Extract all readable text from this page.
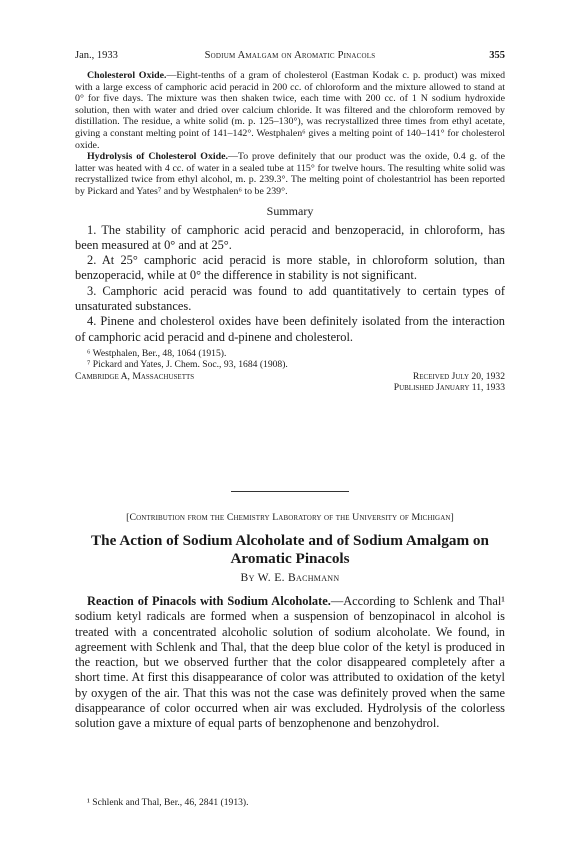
Jan., 1933	Sodium Amalgam on Aromatic Pinacols	355

Cholesterol Oxide.—Eight-tenths of a gram of cholesterol (Eastman Kodak c. p. product) was mixed with a large excess of camphoric acid peracid in 200 cc. of chloroform and the mixture allowed to stand at 0° for five days. The mixture was then shaken twice, each time with 200 cc. of 1 N sodium hydroxide solution, then with water and dried over calcium chloride. It was filtered and the chloroform removed by distillation. The residue, a white solid (m. p. 125–130°), was recrystallized three times from ethyl acetate, giving a constant melting point of 141–142°. Westphalen⁶ gives a melting point of 140–141° for cholesterol oxide.

Hydrolysis of Cholesterol Oxide.—To prove definitely that our product was the oxide, 0.4 g. of the latter was heated with 4 cc. of water in a sealed tube at 115° for twelve hours. The resulting white solid was recrystallized twice from ethyl alcohol, m. p. 239.3°. The melting point of cholestantriol has been reported by Pickard and Yates⁷ and by Westphalen⁶ to be 239°.

Summary

1. The stability of camphoric acid peracid and benzoperacid, in chloroform, has been measured at 0° and at 25°.

2. At 25° camphoric acid peracid is more stable, in chloroform solution, than benzoperacid, while at 0° the difference in stability is not significant.

3. Camphoric acid peracid was found to add quantitatively to certain types of unsaturated substances.

4. Pinene and cholesterol oxides have been definitely isolated from the interaction of camphoric acid peracid and d-pinene and cholesterol.

⁶ Westphalen, Ber., 48, 1064 (1915).

⁷ Pickard and Yates, J. Chem. Soc., 93, 1684 (1908).

Cambridge A, Massachusetts	Received July 20, 1932
Published January 11, 1933
[Contribution from the Chemistry Laboratory of the University of Michigan]
The Action of Sodium Alcoholate and of Sodium Amalgam on
Aromatic Pinacols
By W. E. Bachmann

Reaction of Pinacols with Sodium Alcoholate.—According to Schlenk and Thal¹ sodium ketyl radicals are formed when a suspension of benzopinacol in alcohol is treated with a concentrated alcoholic solution of sodium alcoholate. We found, in agreement with Schlenk and Thal, that the deep blue color of the ketyl is produced in the reaction, but we observed further that the color disappeared completely after a short time. At first this disappearance of color was attributed to oxidation of the ketyl by oxygen of the air. That this was not the case was definitely proved when the same disappearance of color occurred when air was excluded. Hydrolysis of the colorless solution gave a mixture of equal parts of benzophenone and benzohydrol.

¹ Schlenk and Thal, Ber., 46, 2841 (1913).
